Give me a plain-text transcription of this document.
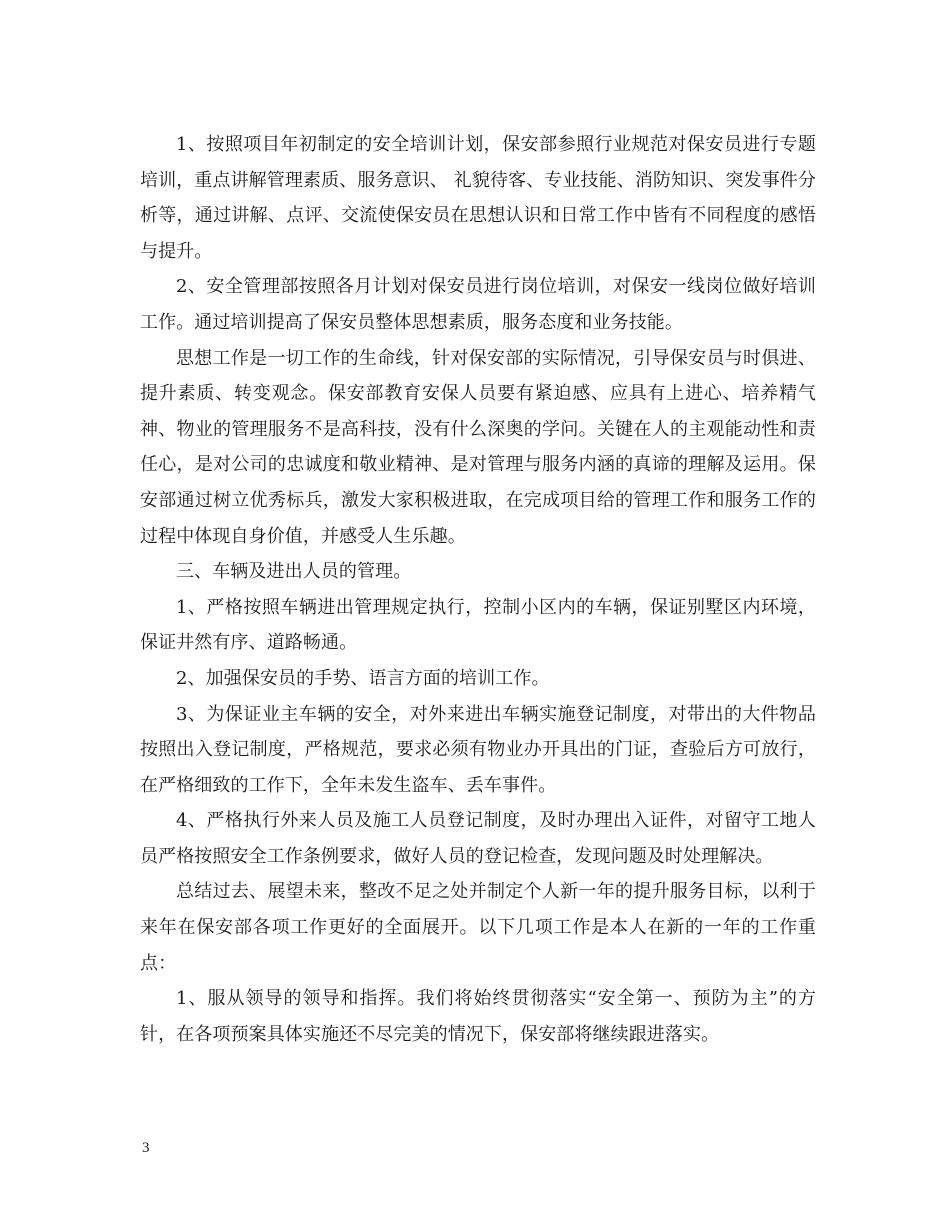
1、按照项目年初制定的安全培训计划，保安部参照行业规范对保安员进行专题培训，重点讲解管理素质、服务意识、 礼貌待客、专业技能、消防知识、突发事件分析等，通过讲解、点评、交流使保安员在思想认识和日常工作中皆有不同程度的感悟与提升。

2、安全管理部按照各月计划对保安员进行岗位培训，对保安一线岗位做好培训工作。通过培训提高了保安员整体思想素质，服务态度和业务技能。

思想工作是一切工作的生命线，针对保安部的实际情况，引导保安员与时俱进、提升素质、转变观念。保安部教育安保人员要有紧迫感、应具有上进心、培养精气神、物业的管理服务不是高科技，没有什么深奥的学问。关键在人的主观能动性和责任心，是对公司的忠诚度和敬业精神、是对管理与服务内涵的真谛的理解及运用。保安部通过树立优秀标兵，激发大家积极进取，在完成项目给的管理工作和服务工作的过程中体现自身价值，并感受人生乐趣。

三、车辆及进出人员的管理。

1、严格按照车辆进出管理规定执行，控制小区内的车辆，保证别墅区内环境，保证井然有序、道路畅通。

2、加强保安员的手势、语言方面的培训工作。

3、为保证业主车辆的安全，对外来进出车辆实施登记制度，对带出的大件物品按照出入登记制度，严格规范，要求必须有物业办开具出的门证，查验后方可放行，在严格细致的工作下，全年未发生盗车、丢车事件。

4、严格执行外来人员及施工人员登记制度，及时办理出入证件，对留守工地人员严格按照安全工作条例要求，做好人员的登记检查，发现问题及时处理解决。

总结过去、展望未来，整改不足之处并制定个人新一年的提升服务目标，以利于来年在保安部各项工作更好的全面展开。以下几项工作是本人在新的一年的工作重点：

1、服从领导的领导和指挥。我们将始终贯彻落实“安全第一、预防为主”的方针，在各项预案具体实施还不尽完美的情况下，保安部将继续跟进落实。

3
